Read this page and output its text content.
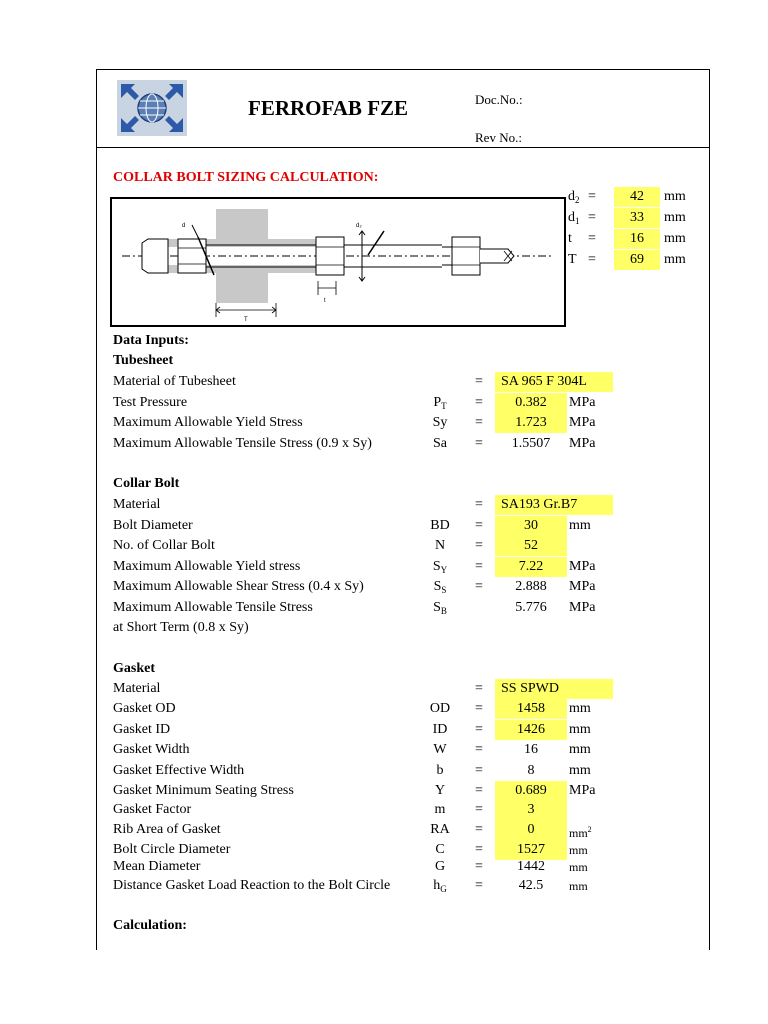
FERROFAB FZE	Doc.No.:
Rev No.:
COLLAR BOLT SIZING CALCULATION:
d	d₂
t
T
$d_2$ =	42	mm
$d_1$ =	33	mm
t =	16	mm
T =	69	mm
Data Inputs:
Tubesheet
Material of Tubesheet	=	SA 965 F 304L
Test Pressure	$P_T$	=	0.382	MPa
Maximum Allowable Yield Stress	Sy	=	1.723	MPa
Maximum Allowable Tensile Stress (0.9 x Sy)	Sa	=	1.5507	MPa
Collar Bolt
Material	=	SA193 Gr.B7
Bolt Diameter	BD	=	30	mm
No. of Collar Bolt	N	=	52
Maximum Allowable Yield stress	$S_Y$	=	7.22	MPa
Maximum Allowable Shear Stress (0.4 x Sy)	$S_S$	=	2.888	MPa
Maximum Allowable Tensile Stress	$S_B$	5.776	MPa
at Short Term (0.8 x Sy)
Gasket
Material	=	SS SPWD
Gasket OD	OD	=	1458	mm
Gasket ID	ID	=	1426	mm
Gasket Width	W	=	16	mm
Gasket Effective Width	b	=	8	mm
Gasket Minimum Seating Stress	Y	=	0.689	MPa
Gasket Factor	m	=	3
Rib Area of Gasket	RA	=	0	$mm^2$
Bolt Circle Diameter	C	=	1527	mm
Mean Diameter	G	=	1442	mm
Distance Gasket Load Reaction to the Bolt Circle	$h_G$	=	42.5	mm
Calculation:
